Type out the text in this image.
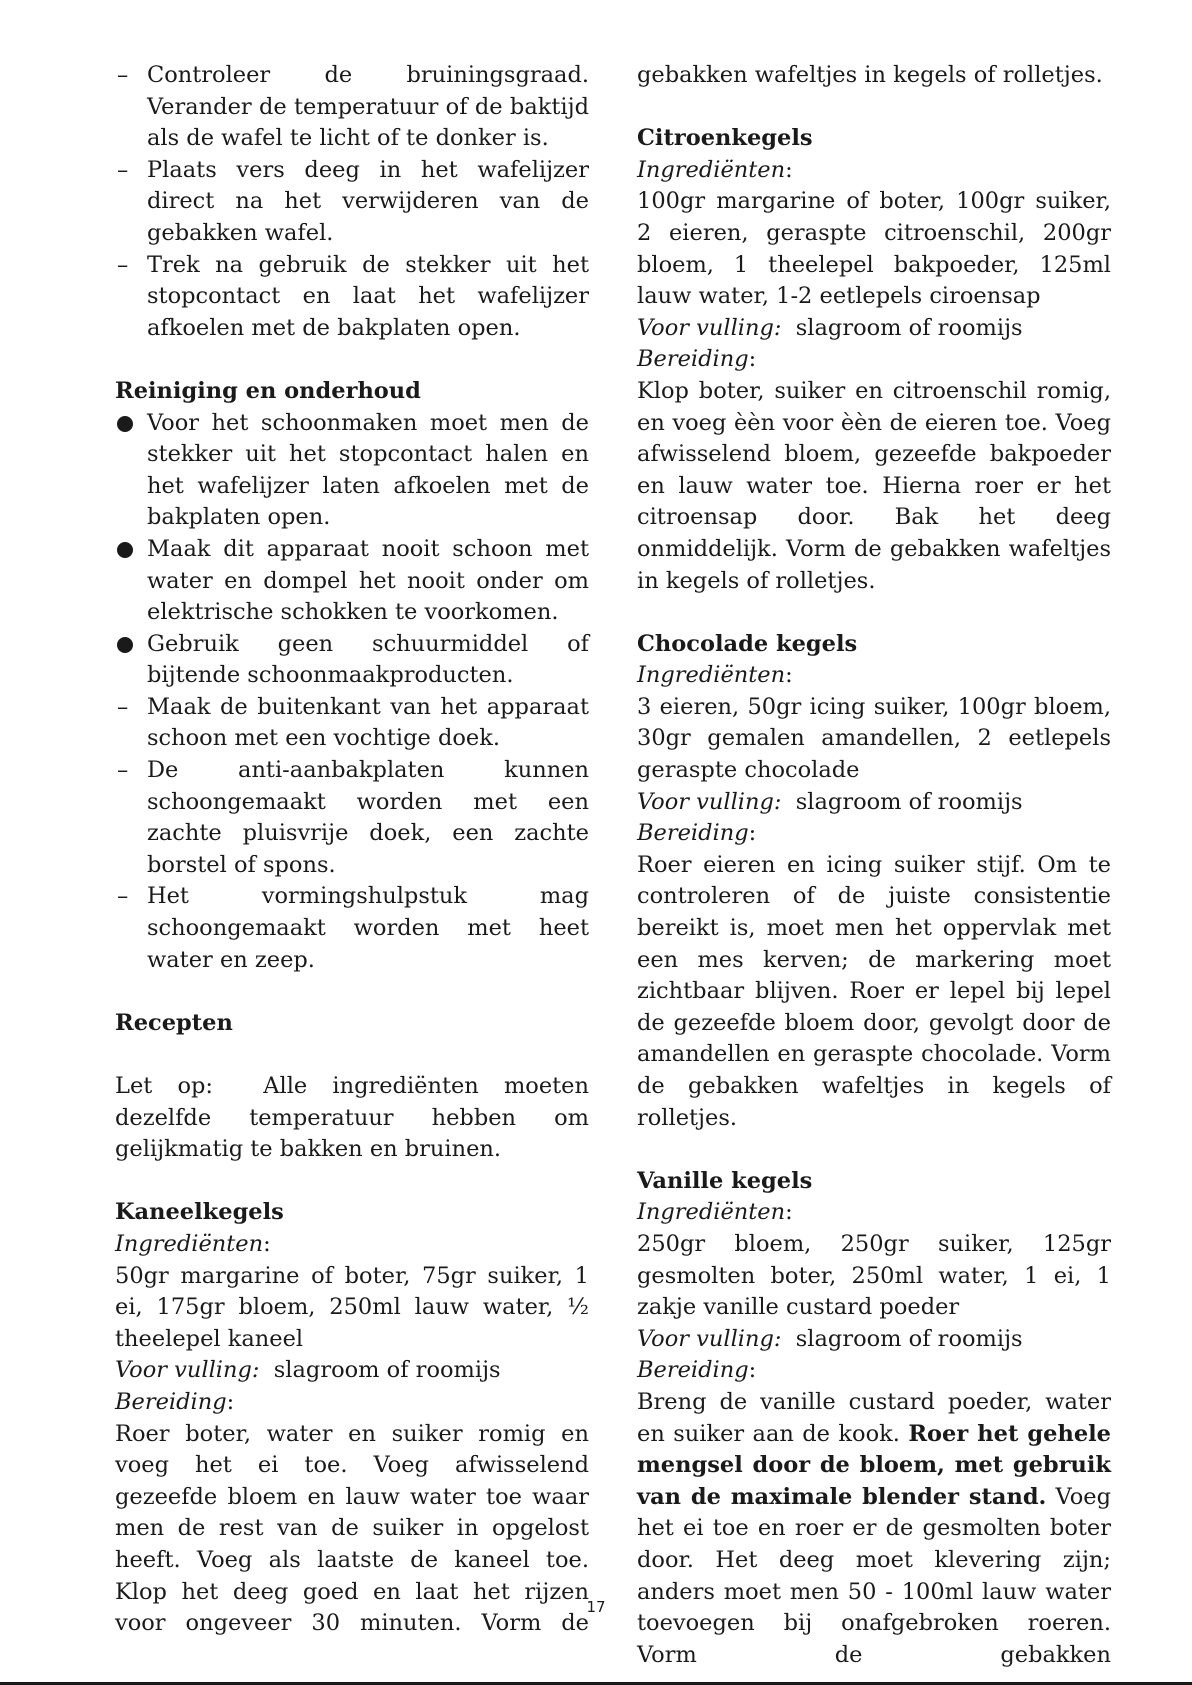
– Controleer de bruiningsgraad. Verander de temperatuur of de baktijd als de wafel te licht of te donker is.

– Plaats vers deeg in het wafelijzer direct na het verwijderen van de gebakken wafel.

– Trek na gebruik de stekker uit het stopcontact en laat het wafelijzer afkoelen met de bakplaten open.

Reiniging en onderhoud

Voor het schoonmaken moet men de stekker uit het stopcontact halen en het wafelijzer laten afkoelen met de bakplaten open.

Maak dit apparaat nooit schoon met water en dompel het nooit onder om elektrische schokken te voorkomen.

Gebruik geen schuurmiddel of bijtende schoonmaakproducten.

– Maak de buitenkant van het apparaat schoon met een vochtige doek.

– De anti-aanbakplaten kunnen

schoongemaakt worden met een zachte pluisvrije doek, een zachte borstel of spons.

– Het vormingshulpstuk mag

schoongemaakt worden met heet water en zeep.

Recepten

Let op: Alle ingrediënten moeten dezelfde temperatuur hebben om gelijkmatig te bakken en bruinen.

Kaneelkegels

Ingrediënten:

50gr margarine of boter, 75gr suiker, 1 ei, 175gr bloem, 250ml lauw water, ½ theelepel kaneel

Voor vulling: slagroom of roomijs

Bereiding:

Roer boter, water en suiker romig en voeg het ei toe. Voeg afwisselend gezeefde bloem en lauw water toe waar men de rest van de suiker in opgelost heeft. Voeg als laatste de kaneel toe. Klop het deeg goed en laat het rijzen voor ongeveer 30 minuten. Vorm de

gebakken wafeltjes in kegels of rolletjes.

Citroenkegels

Ingrediënten:

100gr margarine of boter, 100gr suiker, 2 eieren, geraspte citroenschil, 200gr bloem, 1 theelepel bakpoeder, 125ml lauw water, 1-2 eetlepels ciroensap

Voor vulling: slagroom of roomijs

Bereiding:

Klop boter, suiker en citroenschil romig, en voeg èèn voor èèn de eieren toe. Voeg afwisselend bloem, gezeefde bakpoeder en lauw water toe. Hierna roer er het citroensap door. Bak het deeg onmiddelijk. Vorm de gebakken wafeltjes in kegels of rolletjes.

Chocolade kegels

Ingrediënten:

3 eieren, 50gr icing suiker, 100gr bloem, 30gr gemalen amandellen, 2 eetlepels geraspte chocolade

Voor vulling: slagroom of roomijs

Bereiding:

Roer eieren en icing suiker stijf. Om te controleren of de juiste consistentie bereikt is, moet men het oppervlak met een mes kerven; de markering moet zichtbaar blijven. Roer er lepel bij lepel de gezeefde bloem door, gevolgt door de amandellen en geraspte chocolade. Vorm de gebakken wafeltjes in kegels of rolletjes.

Vanille kegels

Ingrediënten:

250gr bloem, 250gr suiker, 125gr gesmolten boter, 250ml water, 1 ei, 1 zakje vanille custard poeder

Voor vulling: slagroom of roomijs

Bereiding:

Breng de vanille custard poeder, water en suiker aan de kook. Roer het gehele mengsel door de bloem, met gebruik van de maximale blender stand. Voeg het ei toe en roer er de gesmolten boter door. Het deeg moet klevering zijn; anders moet men 50 - 100ml lauw water toevoegen bij onafgebroken roeren. Vorm de gebakken

17
